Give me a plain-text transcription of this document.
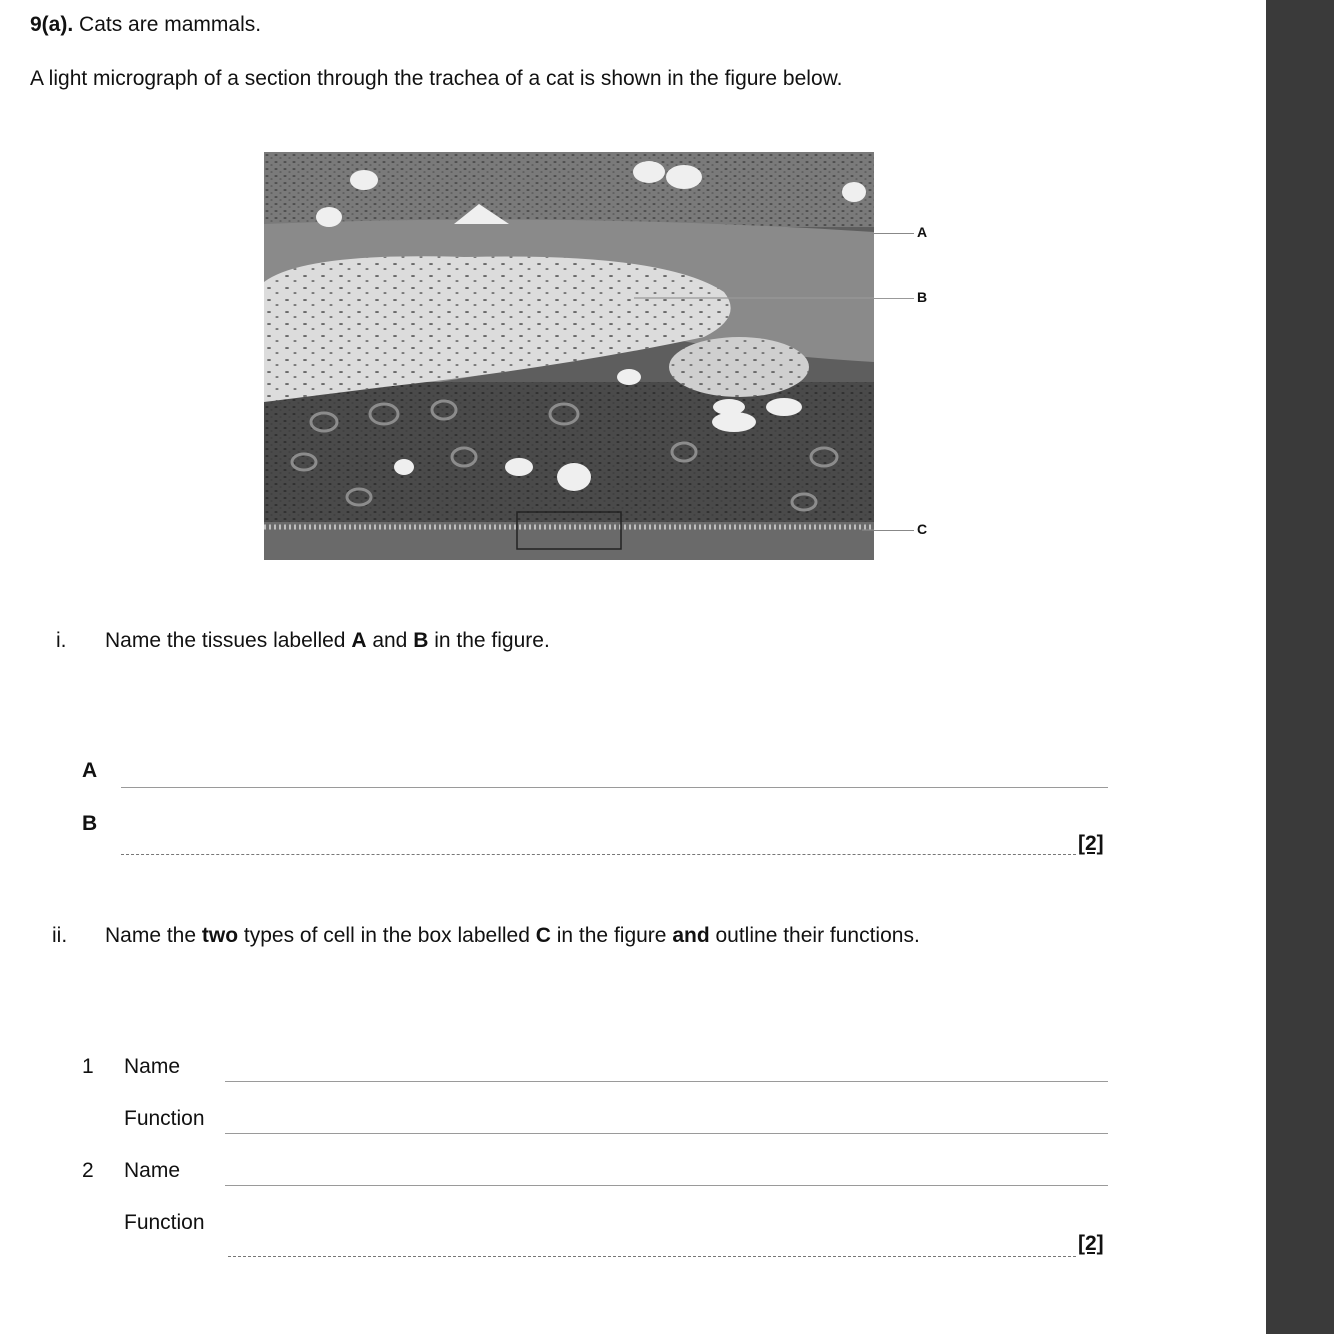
9(a). Cats are mammals.
A light micrograph of a section through the trachea of a cat is shown in the figure below.
A
B
C
i. Name the tissues labelled A and B in the figure.
A
B
[2]
ii. Name the two types of cell in the box labelled C in the figure and outline their functions.
1 Name
Function
2 Name
Function
[2]
